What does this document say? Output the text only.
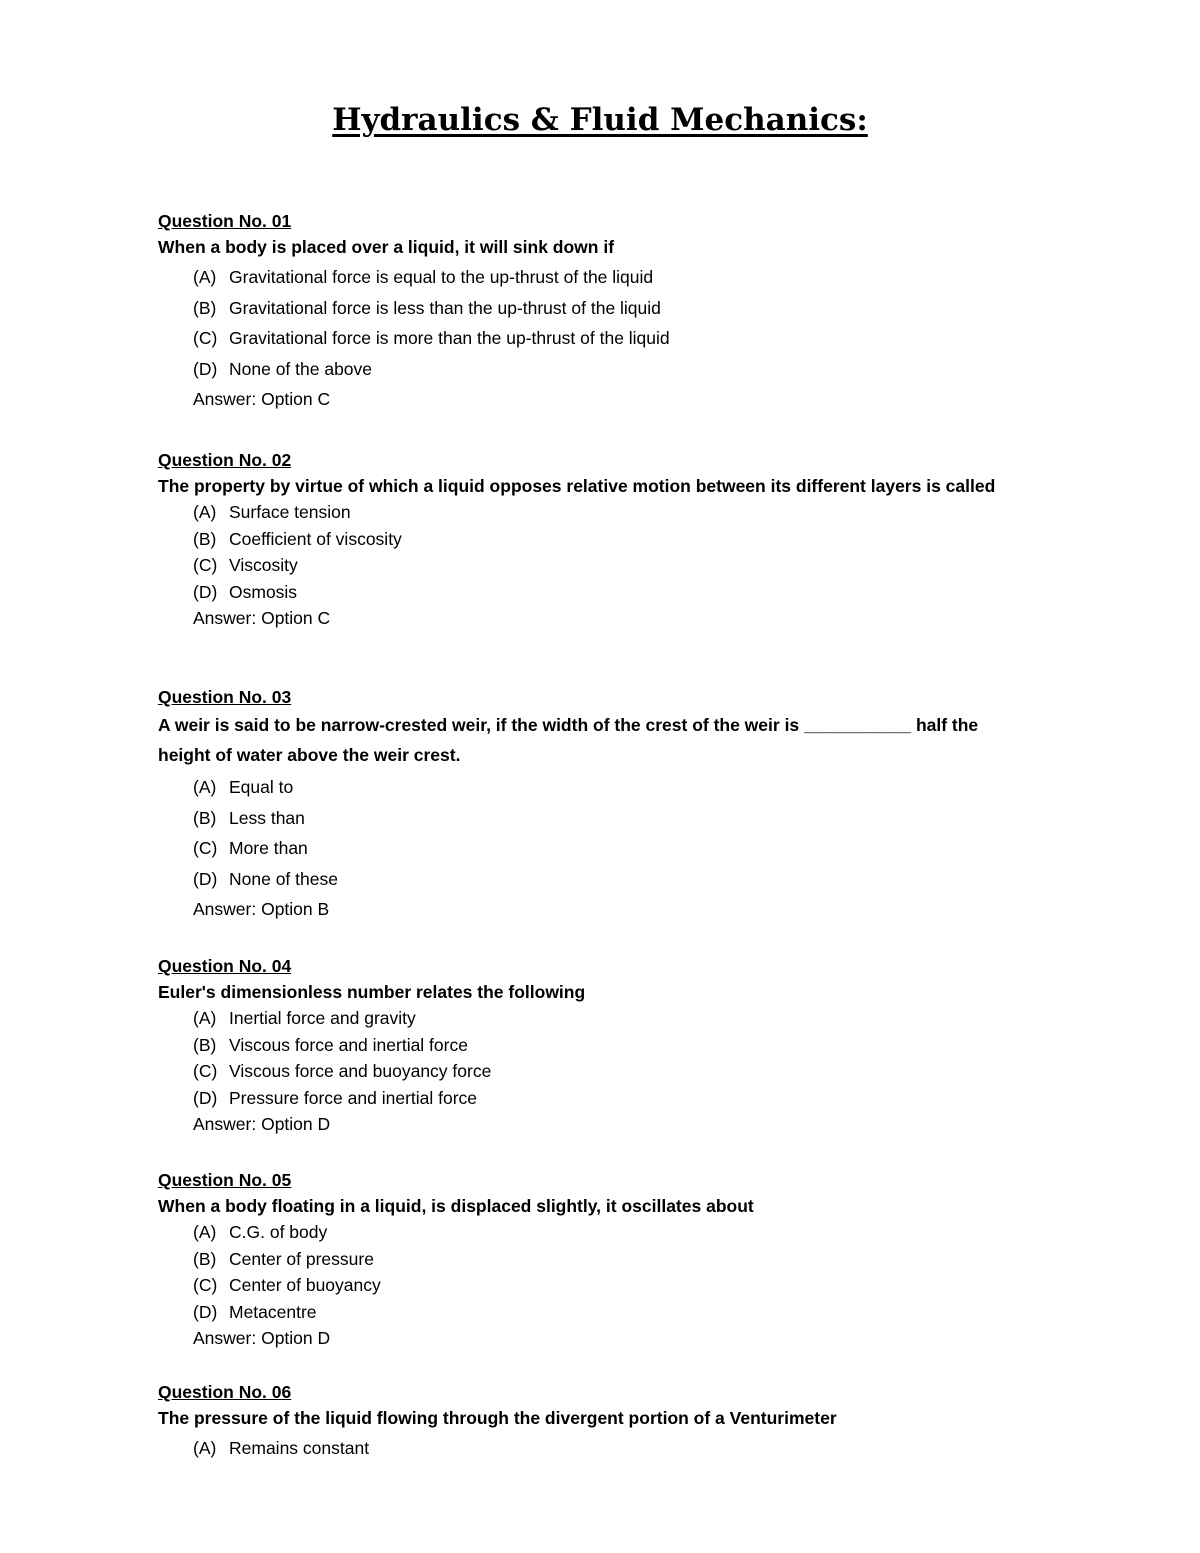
Hydraulics & Fluid Mechanics:
Question No. 01
When a body is placed over a liquid, it will sink down if
(A) Gravitational force is equal to the up-thrust of the liquid
(B) Gravitational force is less than the up-thrust of the liquid
(C) Gravitational force is more than the up-thrust of the liquid
(D) None of the above
Answer: Option C
Question No. 02
The property by virtue of which a liquid opposes relative motion between its different layers is called
(A) Surface tension
(B) Coefficient of viscosity
(C) Viscosity
(D) Osmosis
Answer: Option C
Question No. 03
A weir is said to be narrow-crested weir, if the width of the crest of the weir is ___________ half the height of water above the weir crest.
(A) Equal to
(B) Less than
(C) More than
(D) None of these
Answer: Option B
Question No. 04
Euler's dimensionless number relates the following
(A) Inertial force and gravity
(B) Viscous force and inertial force
(C) Viscous force and buoyancy force
(D) Pressure force and inertial force
Answer: Option D
Question No. 05
When a body floating in a liquid, is displaced slightly, it oscillates about
(A) C.G. of body
(B) Center of pressure
(C) Center of buoyancy
(D) Metacentre
Answer: Option D
Question No. 06
The pressure of the liquid flowing through the divergent portion of a Venturimeter
(A) Remains constant
